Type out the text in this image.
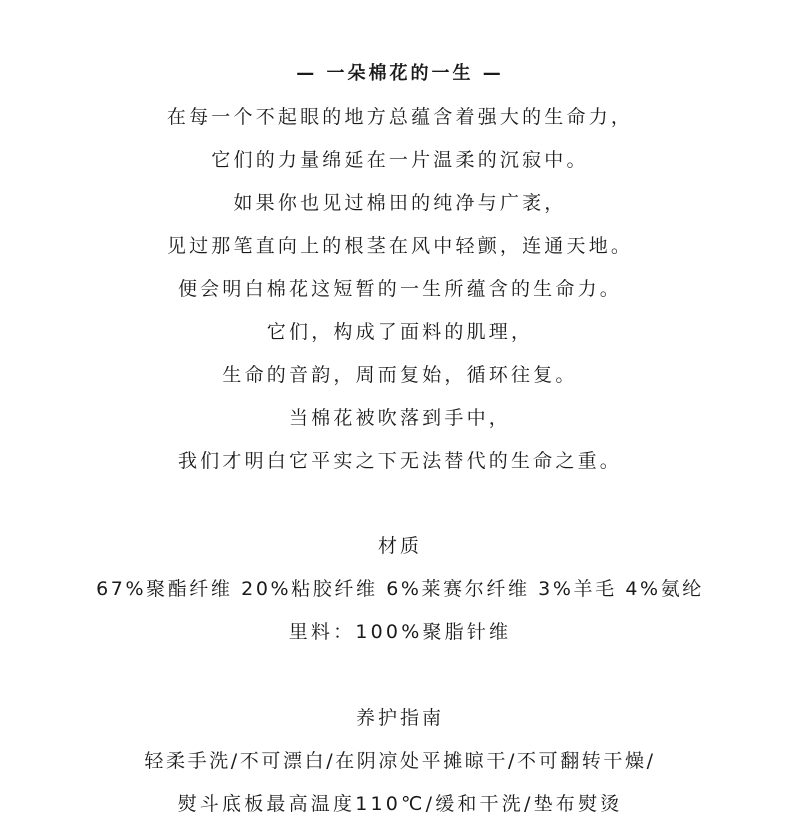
— 一朵棉花的一生 —
在每一个不起眼的地方总蕴含着强大的生命力，
它们的力量绵延在一片温柔的沉寂中。
如果你也见过棉田的纯净与广袤，
见过那笔直向上的根茎在风中轻颤，连通天地。
便会明白棉花这短暂的一生所蕴含的生命力。
它们，构成了面料的肌理，
生命的音韵，周而复始，循环往复。
当棉花被吹落到手中，
我们才明白它平实之下无法替代的生命之重。
材质
67%聚酯纤维 20%粘胶纤维 6%莱赛尔纤维 3%羊毛 4%氨纶
里料：100%聚脂针维
养护指南
轻柔手洗/不可漂白/在阴凉处平摊晾干/不可翻转干燥/
熨斗底板最高温度110℃/缓和干洗/垫布熨烫
